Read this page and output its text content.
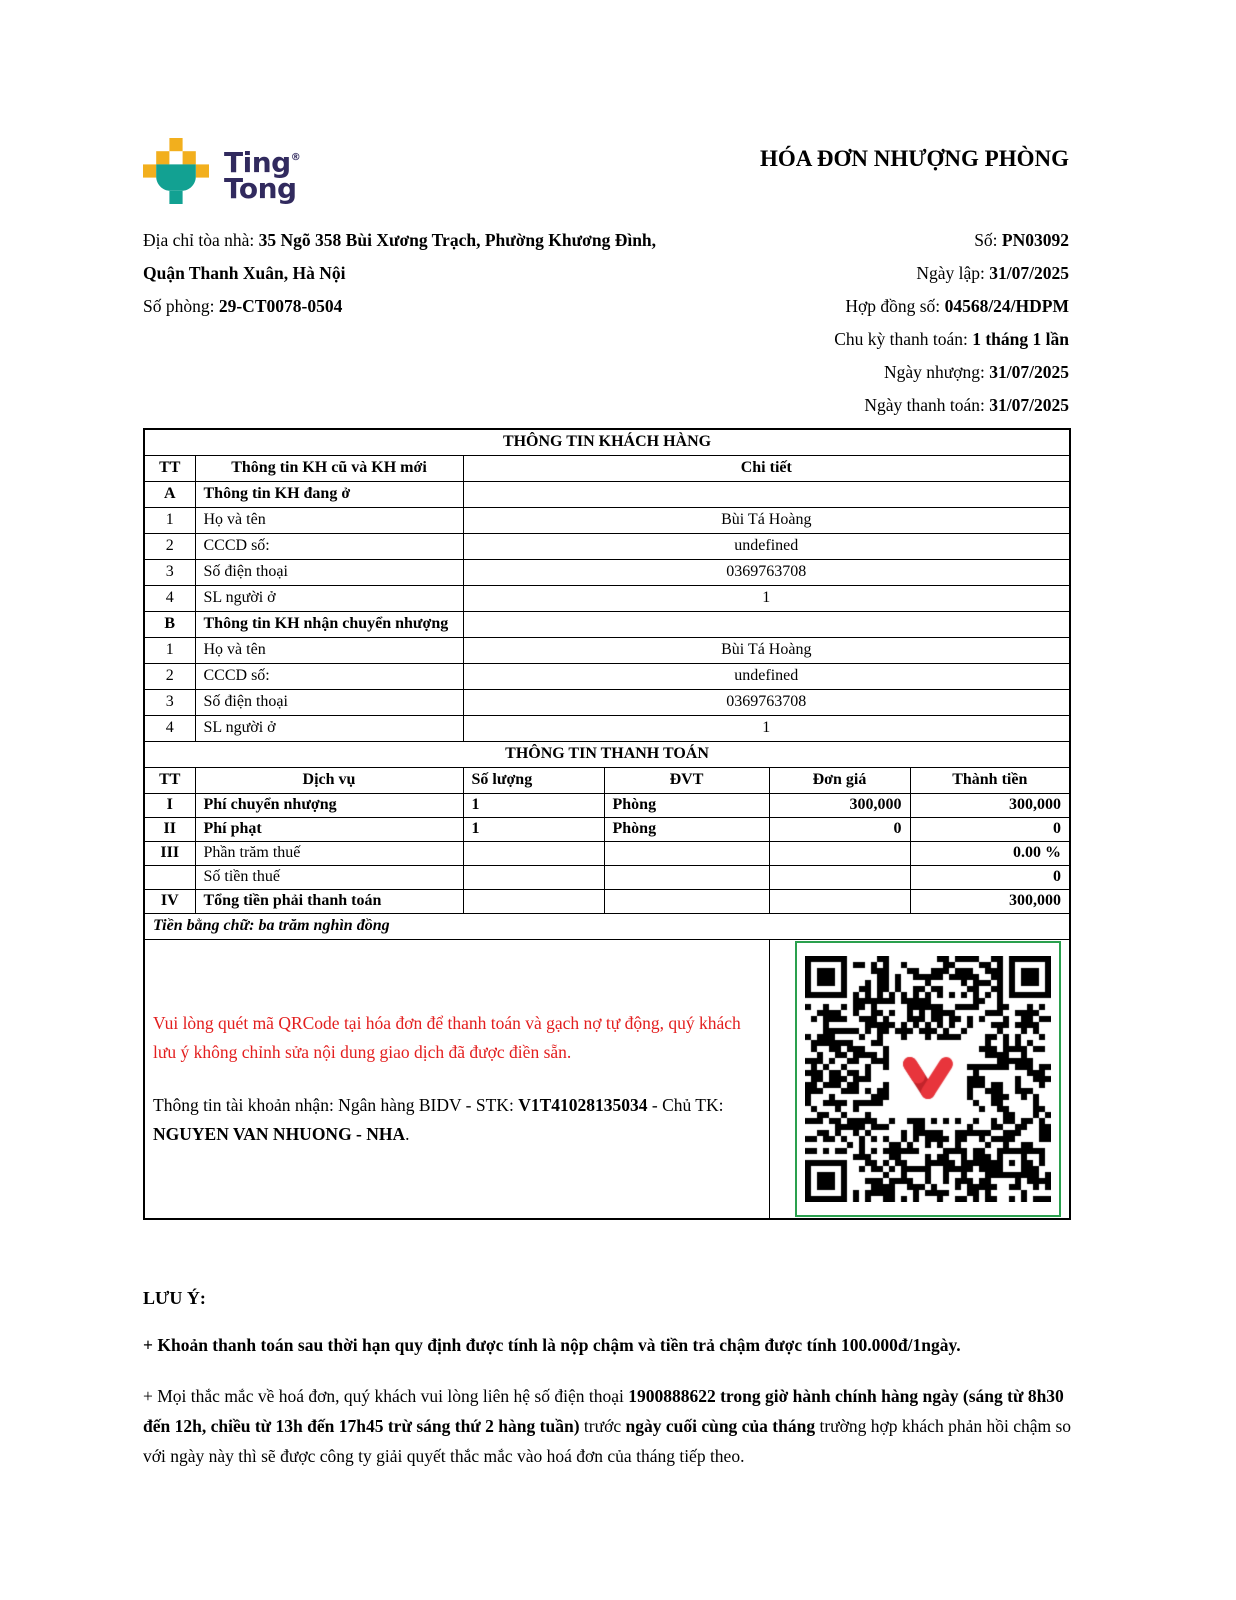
Ting®
Tong
HÓA ĐƠN NHƯỢNG PHÒNG
Địa chỉ tòa nhà: 35 Ngõ 358 Bùi Xương Trạch, Phường Khương Đình, Quận Thanh Xuân, Hà Nội
Số phòng: 29-CT0078-0504
Số: PN03092
Ngày lập: 31/07/2025
Hợp đồng số: 04568/24/HDPM
Chu kỳ thanh toán: 1 tháng 1 lần
Ngày nhượng: 31/07/2025
Ngày thanh toán: 31/07/2025
THÔNG TIN KHÁCH HÀNG					
TT	Thông tin KH cũ và KH mới	Chi tiết			
A	Thông tin KH đang ở				
1	Họ và tên	Bùi Tá Hoàng			
2	CCCD số:	undefined			
3	Số điện thoại	0369763708			
4	SL người ở	1			
B	Thông tin KH nhận chuyển nhượng				
1	Họ và tên	Bùi Tá Hoàng			
2	CCCD số:	undefined			
3	Số điện thoại	0369763708			
4	SL người ở	1			
THÔNG TIN THANH TOÁN					
TT	Dịch vụ	Số lượng	ĐVT	Đơn giá	Thành tiền
I	Phí chuyển nhượng	1	Phòng	300,000	300,000
II	Phí phạt	1	Phòng	0	0
III	Phần trăm thuế				0.00 %
	Số tiền thuế				0
IV	Tổng tiền phải thanh toán				300,000
Tiền bằng chữ: ba trăm nghìn đồng					

Vui lòng quét mã QRCode tại hóa đơn để thanh toán và gạch nợ tự động, quý khách lưu ý không chỉnh sửa nội dung giao dịch đã được điền sẵn.

Thông tin tài khoản nhận: Ngân hàng BIDV - STK: V1T41028135034 - Chủ TK: NGUYEN VAN NHUONG - NHA.

LƯU Ý:

+ Khoản thanh toán sau thời hạn quy định được tính là nộp chậm và tiền trả chậm được tính 100.000đ/1ngày.

+ Mọi thắc mắc về hoá đơn, quý khách vui lòng liên hệ số điện thoại 1900888622 trong giờ hành chính hàng ngày (sáng từ 8h30 đến 12h, chiều từ 13h đến 17h45 trừ sáng thứ 2 hàng tuần) trước ngày cuối cùng của tháng trường hợp khách phản hồi chậm so với ngày này thì sẽ được công ty giải quyết thắc mắc vào hoá đơn của tháng tiếp theo.
